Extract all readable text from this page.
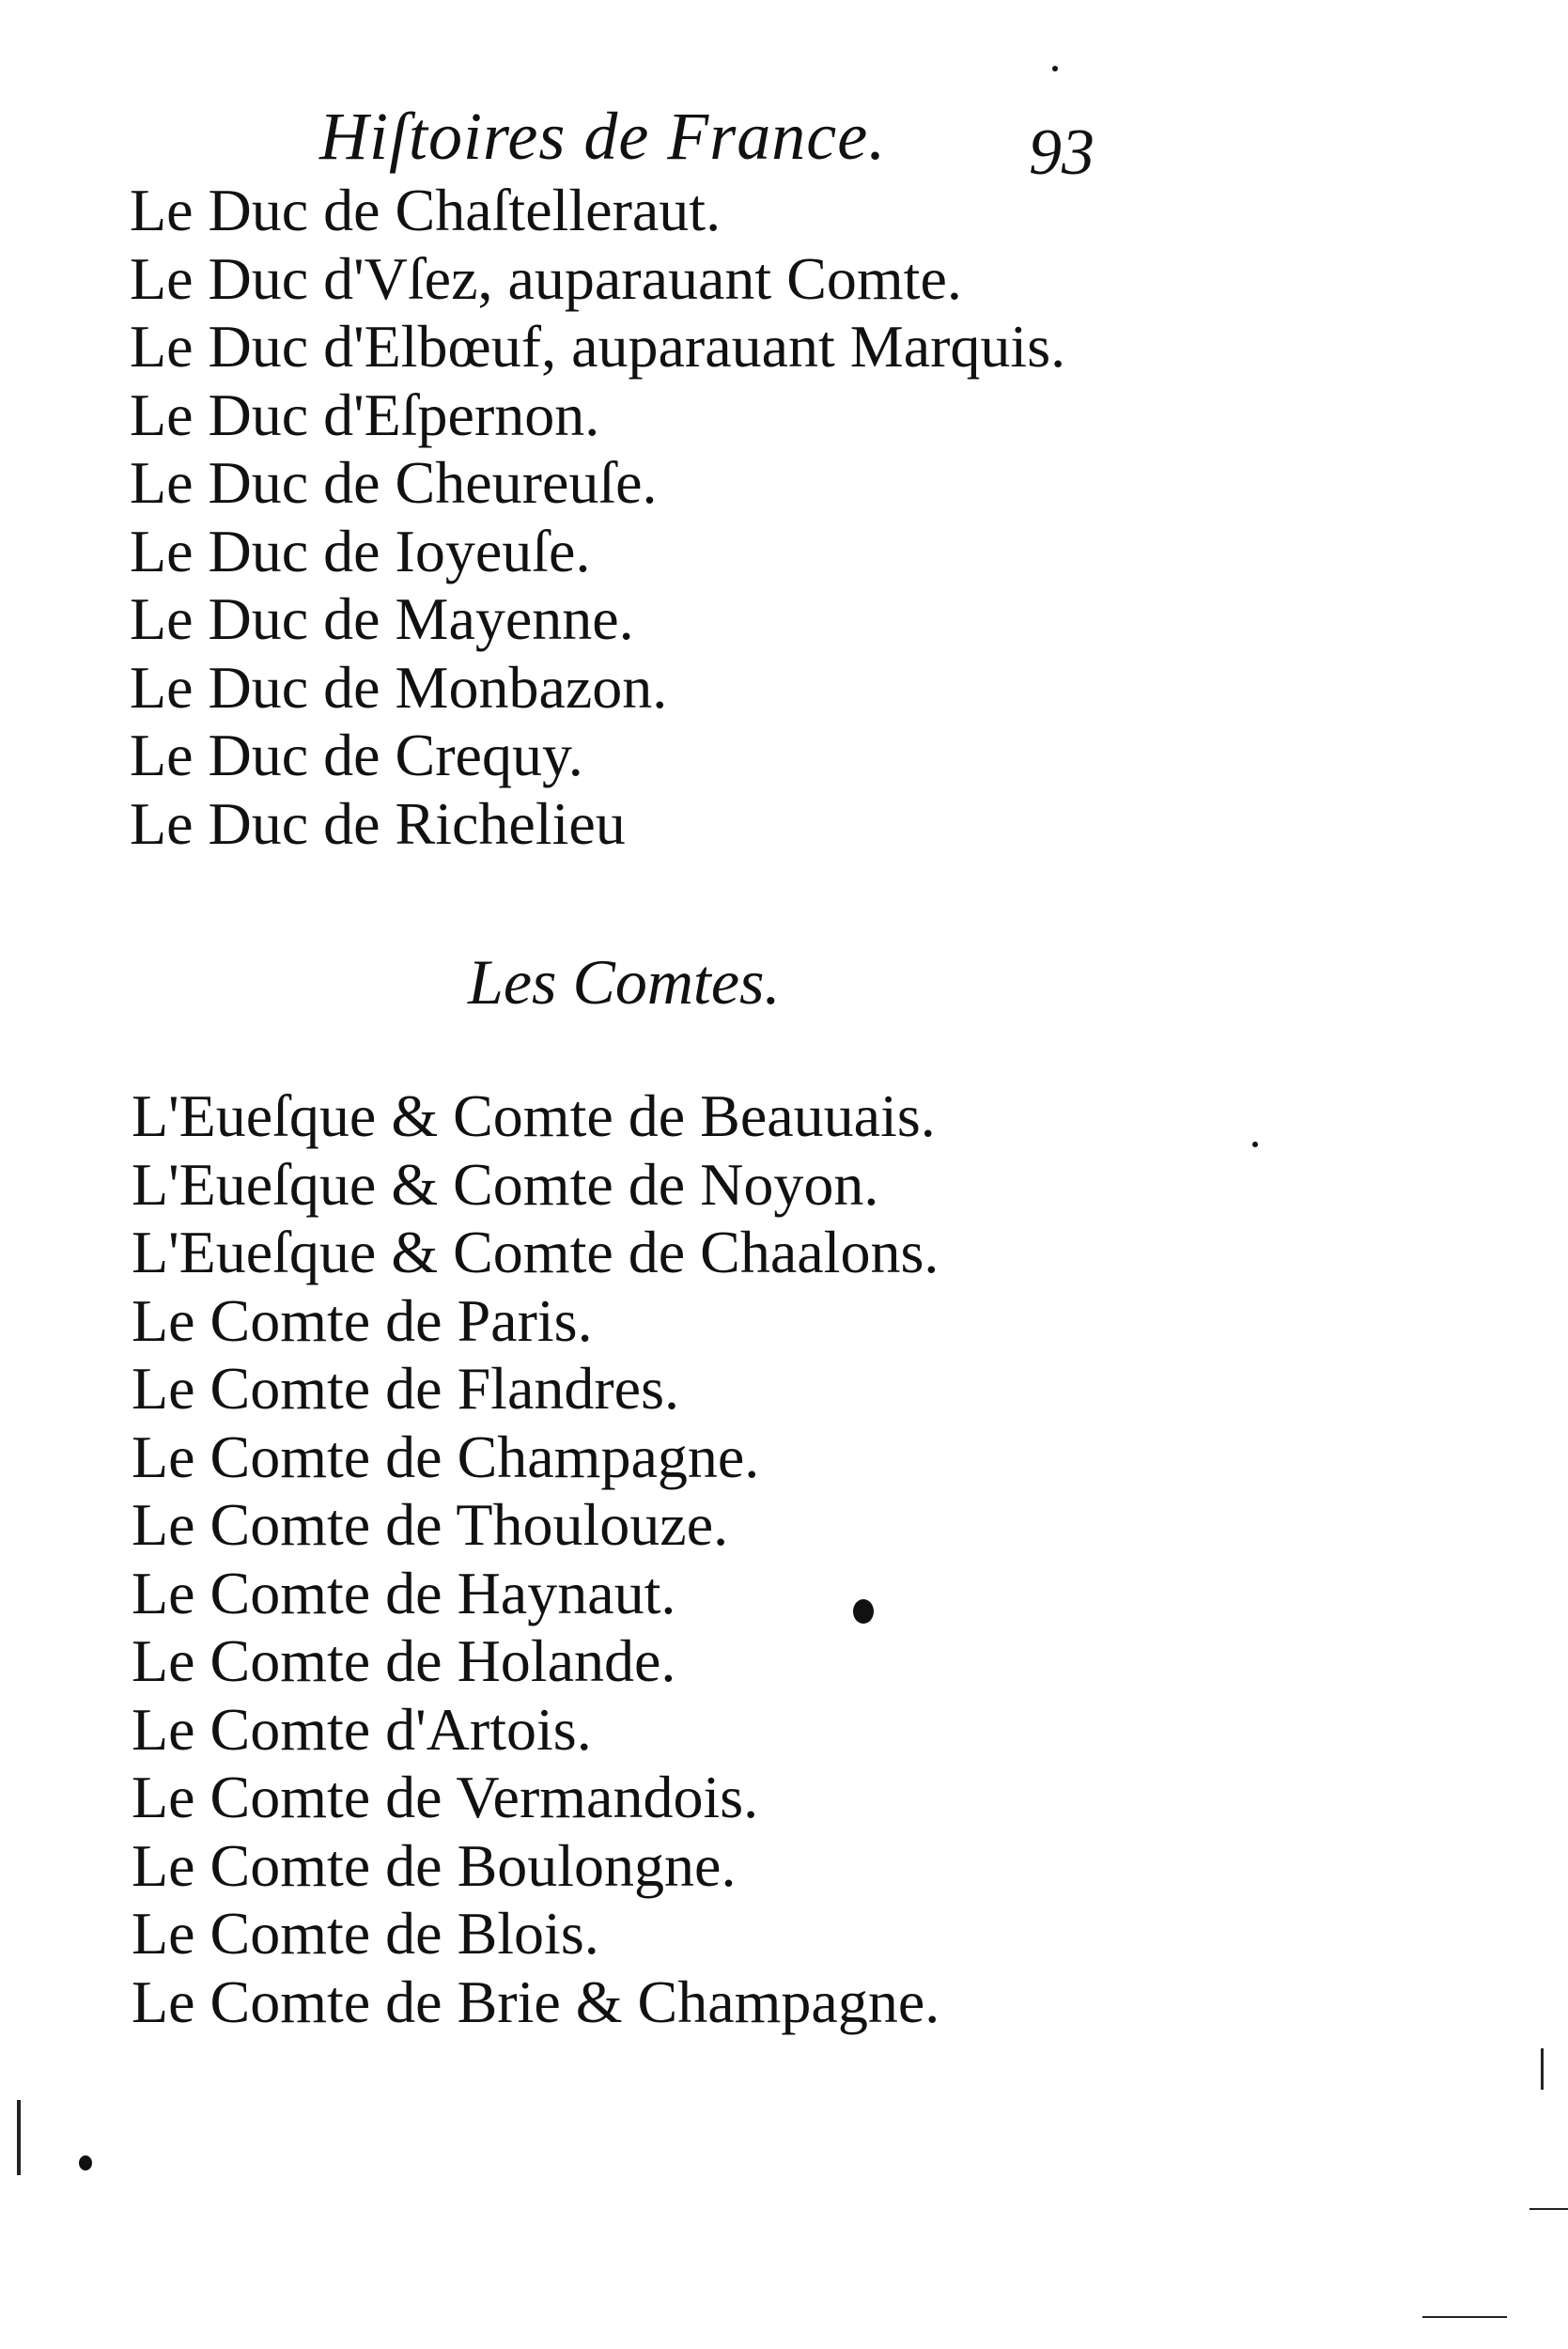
Hiſtoires de France. 93
Le Duc de Chaſtelleraut.
Le Duc d'Vſez, auparauant Comte.
Le Duc d'Elbœuf, auparauant Marquis.
Le Duc d'Eſpernon.
Le Duc de Cheureuſe.
Le Duc de Ioyeuſe.
Le Duc de Mayenne.
Le Duc de Monbazon.
Le Duc de Crequy.
Le Duc de Richelieu
Les Comtes.
L'Eueſque & Comte de Beauuais.
L'Eueſque & Comte de Noyon.
L'Eueſque & Comte de Chaalons.
Le Comte de Paris.
Le Comte de Flandres.
Le Comte de Champagne.
Le Comte de Thoulouze.
Le Comte de Haynaut.
Le Comte de Holande.
Le Comte d'Artois.
Le Comte de Vermandois.
Le Comte de Boulongne.
Le Comte de Blois.
Le Comte de Brie & Champagne.
